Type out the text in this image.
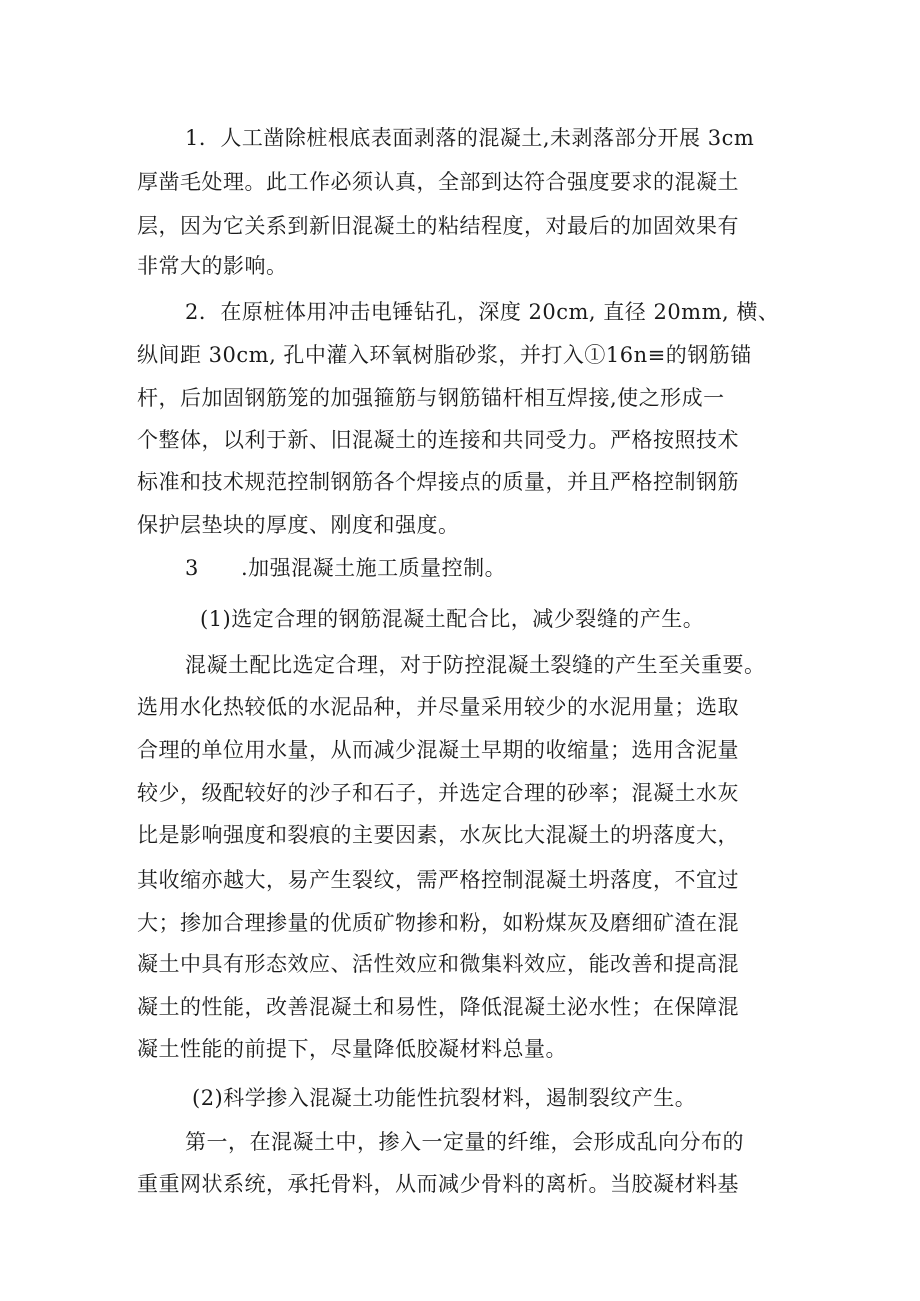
1．人工凿除桩根底表面剥落的混凝土,未剥落部分开展 3cm
厚凿毛处理。此工作必须认真，全部到达符合强度要求的混凝土
层，因为它关系到新旧混凝土的粘结程度，对最后的加固效果有
非常大的影响。
2．在原桩体用冲击电锤钻孔，深度 20cm, 直径 20mm, 横、
纵间距 30cm, 孔中灌入环氧树脂砂浆，并打入①16n≡的钢筋锚
杆，后加固钢筋笼的加强箍筋与钢筋锚杆相互焊接,使之形成一
个整体，以利于新、旧混凝土的连接和共同受力。严格按照技术
标准和技术规范控制钢筋各个焊接点的质量，并且严格控制钢筋
保护层垫块的厚度、刚度和强度。
3 .加强混凝土施工质量控制。
(1)选定合理的钢筋混凝土配合比，减少裂缝的产生。
混凝土配比选定合理，对于防控混凝土裂缝的产生至关重要。
选用水化热较低的水泥品种，并尽量采用较少的水泥用量；选取
合理的单位用水量，从而减少混凝土早期的收缩量；选用含泥量
较少，级配较好的沙子和石子，并选定合理的砂率；混凝土水灰
比是影响强度和裂痕的主要因素，水灰比大混凝土的坍落度大，
其收缩亦越大，易产生裂纹，需严格控制混凝土坍落度，不宜过
大；掺加合理掺量的优质矿物掺和粉，如粉煤灰及磨细矿渣在混
凝土中具有形态效应、活性效应和微集料效应，能改善和提高混
凝土的性能，改善混凝土和易性，降低混凝土泌水性；在保障混
凝土性能的前提下，尽量降低胶凝材料总量。
(2)科学掺入混凝土功能性抗裂材料，遏制裂纹产生。
第一，在混凝土中，掺入一定量的纤维，会形成乱向分布的
重重网状系统，承托骨料，从而减少骨料的离析。当胶凝材料基
